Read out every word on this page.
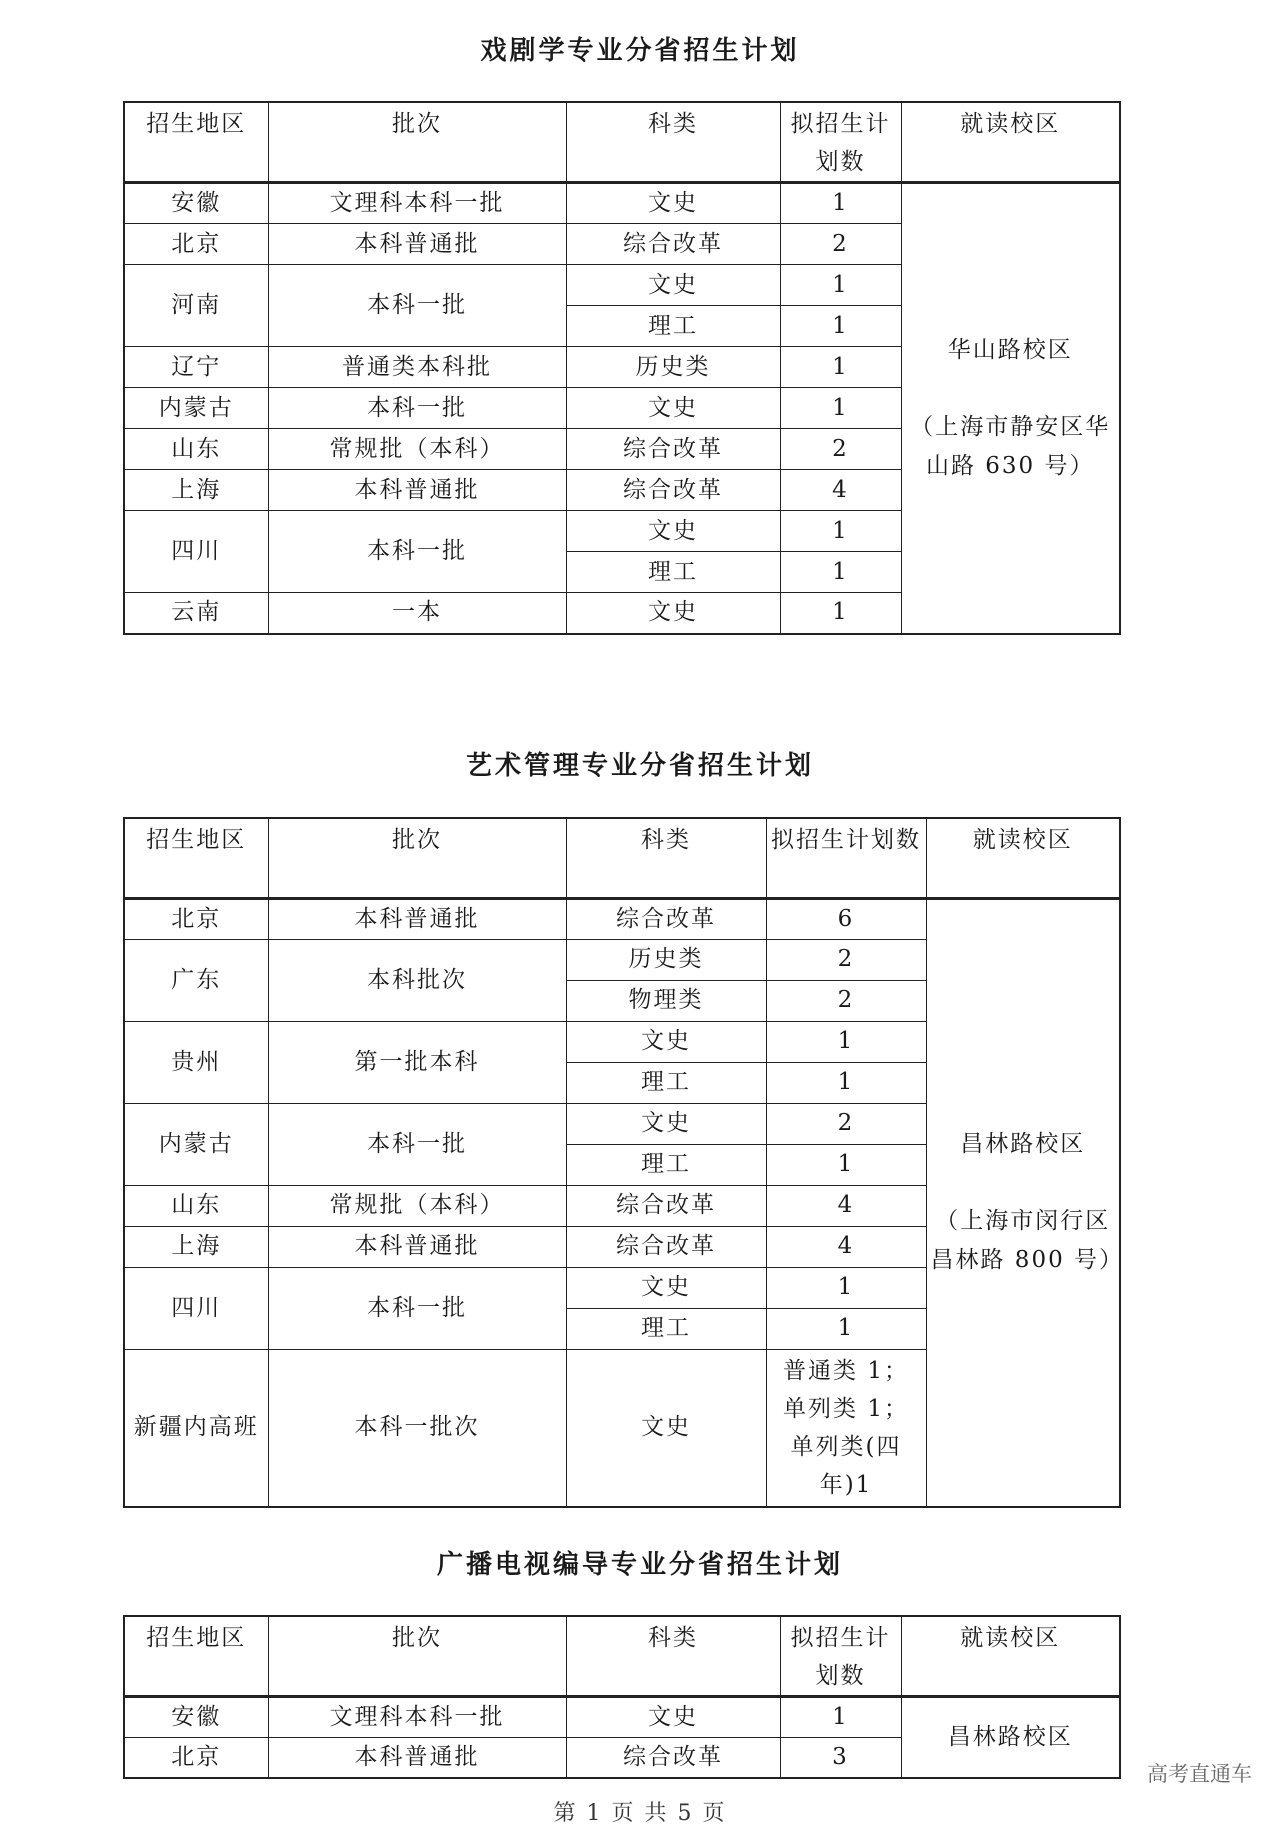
戏剧学专业分省招生计划
招生地区	批次	科类	拟招生计划数	就读校区
安徽	文理科本科一批	文史	1	华山路校区
（上海市静安区华山路 630 号）

北京	本科普通批	综合改革	2	
河南	本科一批	文史	1	
		理工	1	
辽宁	普通类本科批	历史类	1	
内蒙古	本科一批	文史	1	
山东	常规批（本科）	综合改革	2	
上海	本科普通批	综合改革	4	
四川	本科一批	文史	1	
		理工	1	
云南	一本	文史	1	
艺术管理专业分省招生计划
招生地区	批次	科类	拟招生计划数	就读校区
北京	本科普通批	综合改革	6	昌林路校区
（上海市闵行区昌林路 800 号）

广东	本科批次	历史类	2	
		物理类	2	
贵州	第一批本科	文史	1	
		理工	1	
内蒙古	本科一批	文史	2	
		理工	1	
山东	常规批（本科）	综合改革	4	
上海	本科普通批	综合改革	4	
四川	本科一批	文史	1	
		理工	1	
新疆内高班	本科一批次	文史	普通类 1；单列类 1；单列类(四年)1	
广播电视编导专业分省招生计划
招生地区	批次	科类	拟招生计划数	就读校区
安徽	文理科本科一批	文史	1	昌林路校区

北京	本科普通批	综合改革	3	
高考直通车
第 1 页 共 5 页
